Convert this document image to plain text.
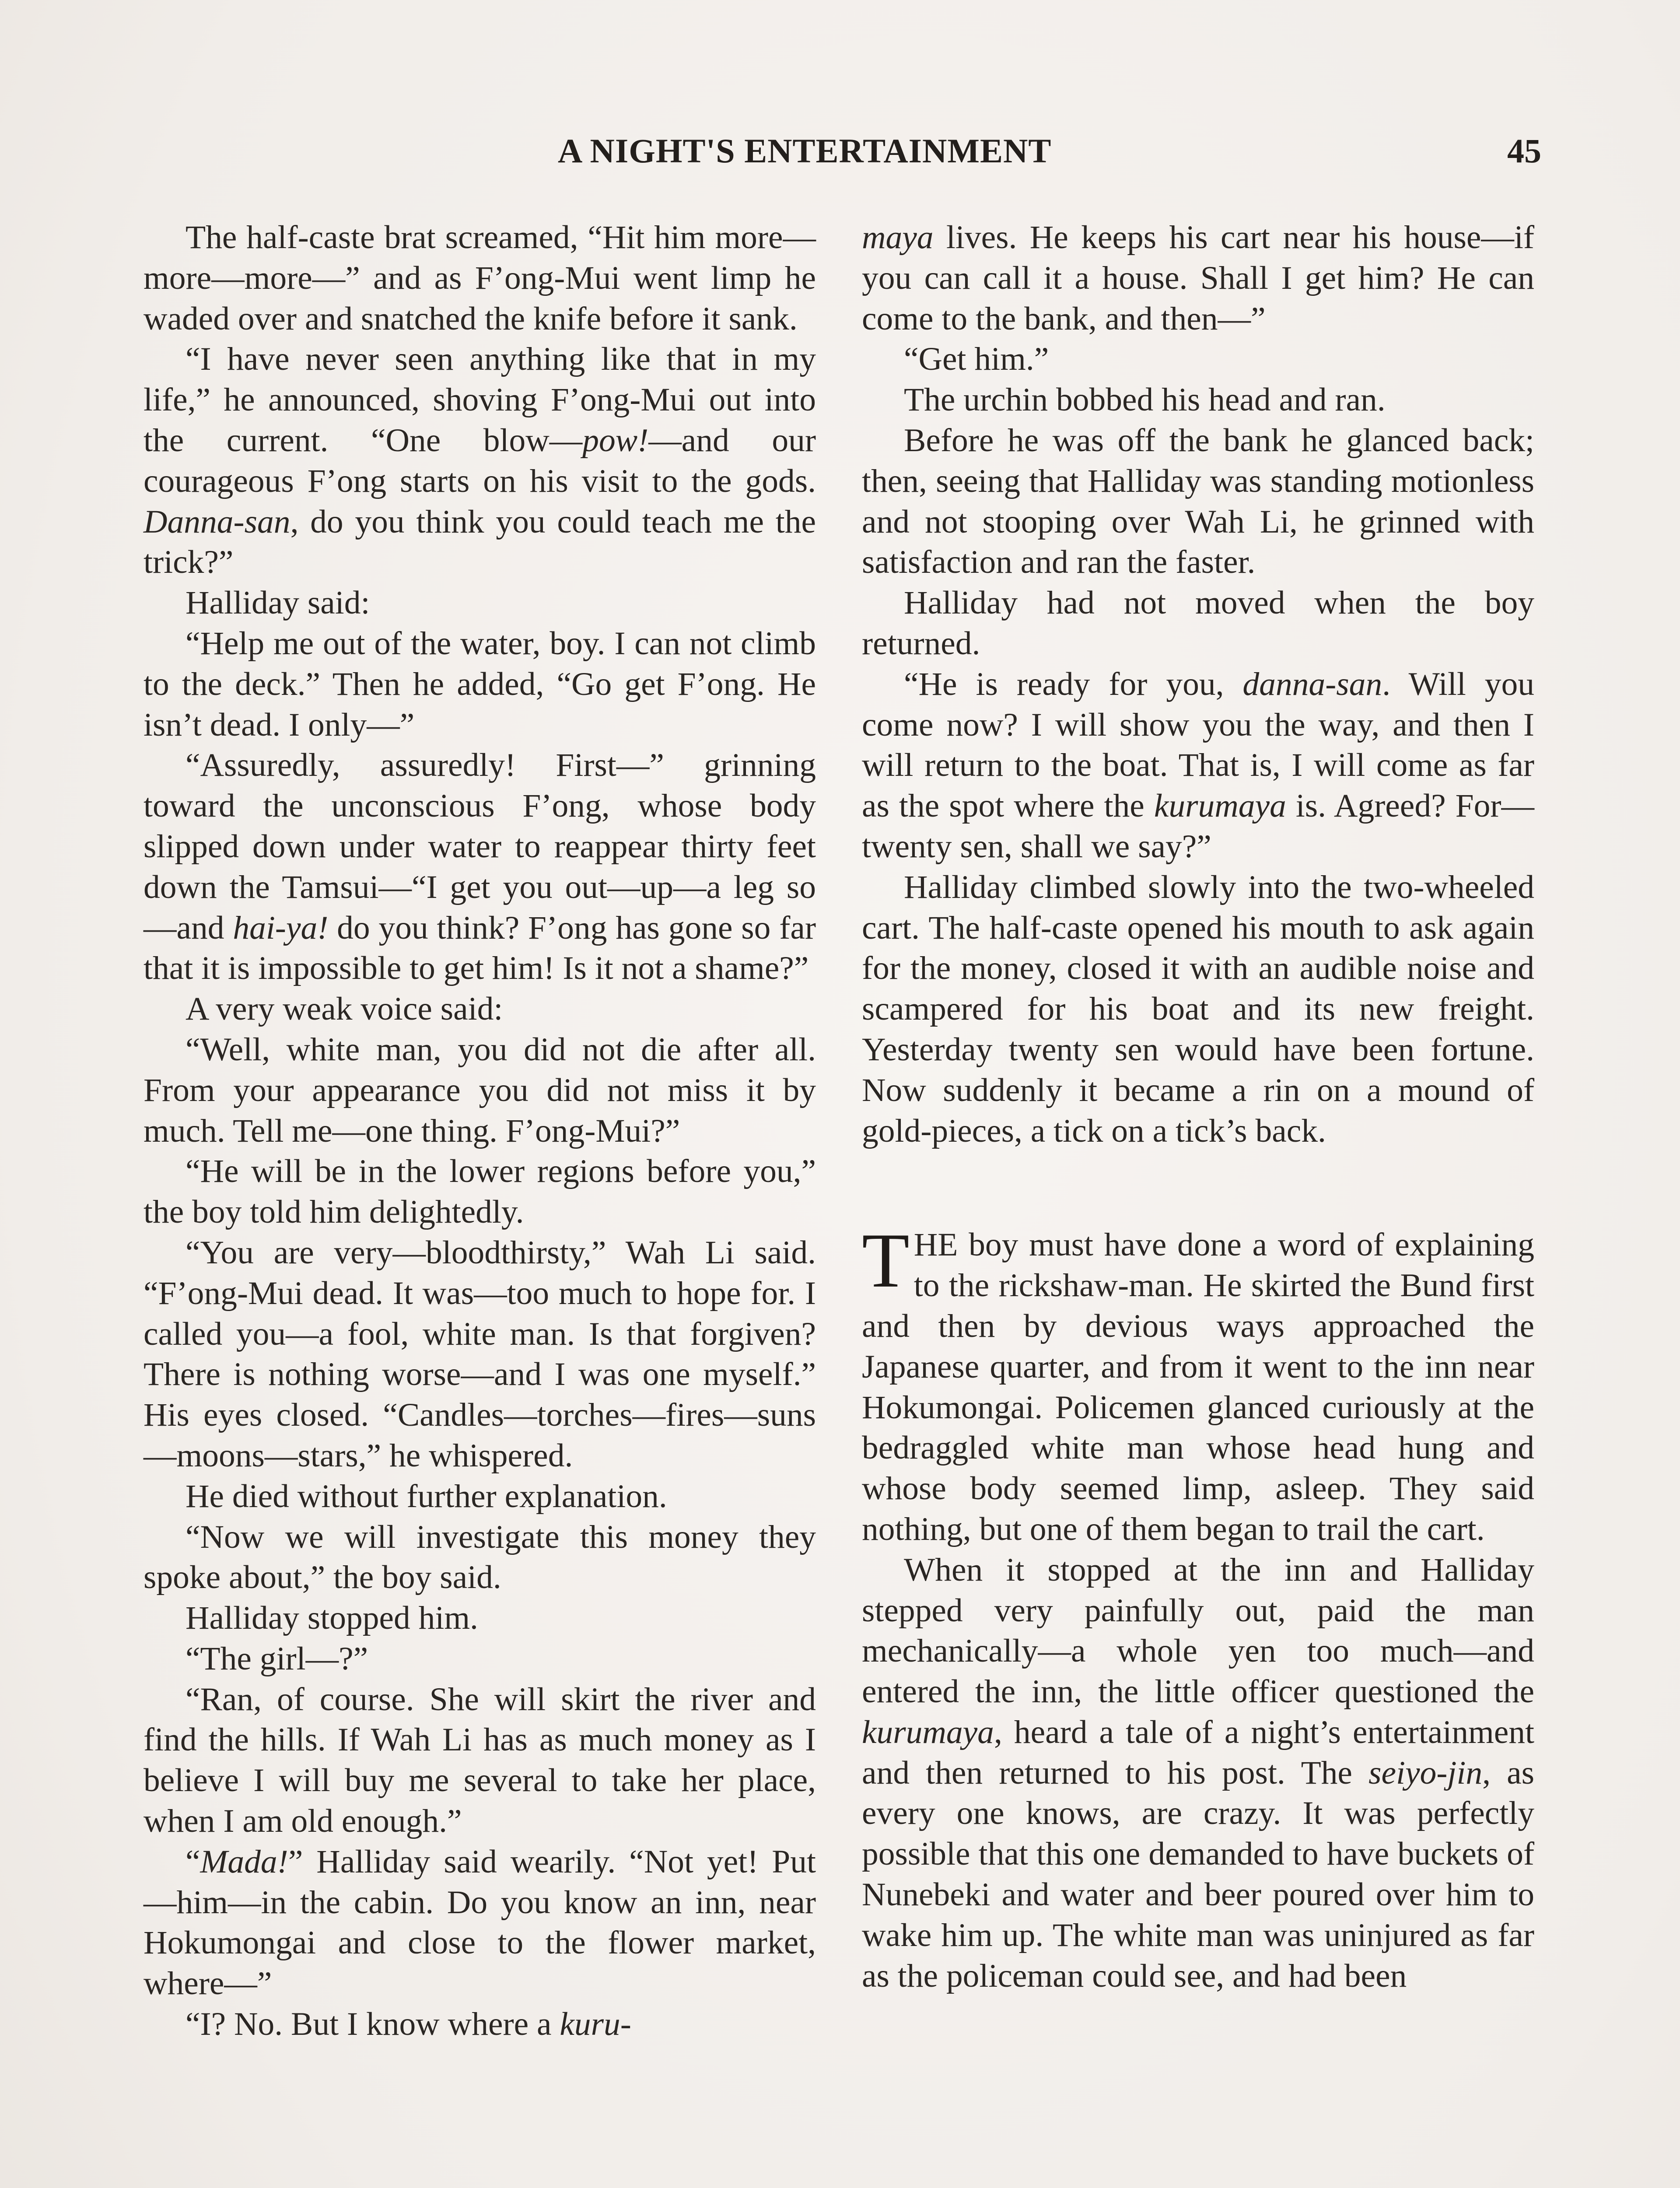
A NIGHT'S ENTERTAINMENT	45

The half-caste brat screamed, “Hit him more—more—more—” and as F’ong-Mui went limp he waded over and snatched the knife before it sank.

“I have never seen anything like that in my life,” he announced, shoving F’ong-Mui out into the current. “One blow—pow!—and our courageous F’ong starts on his visit to the gods. Danna-san, do you think you could teach me the trick?”

Halliday said:

“Help me out of the water, boy. I can not climb to the deck.” Then he added, “Go get F’ong. He isn’t dead. I only—”

“Assuredly, assuredly! First—” grinning toward the unconscious F’ong, whose body slipped down under water to reappear thirty feet down the Tamsui—“I get you out—up—a leg so—and hai-ya! do you think? F’ong has gone so far that it is impossible to get him! Is it not a shame?”

A very weak voice said:

“Well, white man, you did not die after all. From your appearance you did not miss it by much. Tell me—one thing. F’ong-Mui?”

“He will be in the lower regions before you,” the boy told him delightedly.

“You are very—bloodthirsty,” Wah Li said. “F’ong-Mui dead. It was—too much to hope for. I called you—a fool, white man. Is that forgiven? There is nothing worse—and I was one myself.” His eyes closed. “Candles—torches—fires—suns—moons—stars,” he whispered.

He died without further explanation.

“Now we will investigate this money they spoke about,” the boy said.

Halliday stopped him.

“The girl—?”

“Ran, of course. She will skirt the river and find the hills. If Wah Li has as much money as I believe I will buy me several to take her place, when I am old enough.”

“Mada!” Halliday said wearily. “Not yet! Put—him—in the cabin. Do you know an inn, near Hokumongai and close to the flower market, where—”

“I? No. But I know where a kuru-

maya lives. He keeps his cart near his house—if you can call it a house. Shall I get him? He can come to the bank, and then—”

“Get him.”

The urchin bobbed his head and ran.

Before he was off the bank he glanced back; then, seeing that Halliday was standing motionless and not stooping over Wah Li, he grinned with satisfaction and ran the faster.

Halliday had not moved when the boy returned.

“He is ready for you, danna-san. Will you come now? I will show you the way, and then I will return to the boat. That is, I will come as far as the spot where the kurumaya is. Agreed? For—twenty sen, shall we say?”

Halliday climbed slowly into the two-wheeled cart. The half-caste opened his mouth to ask again for the money, closed it with an audible noise and scampered for his boat and its new freight. Yesterday twenty sen would have been fortune. Now suddenly it became a rin on a mound of gold-pieces, a tick on a tick’s back.

THE boy must have done a word of explaining to the rickshaw-man. He skirted the Bund first and then by devious ways approached the Japanese quarter, and from it went to the inn near Hokumongai. Policemen glanced curiously at the bedraggled white man whose head hung and whose body seemed limp, asleep. They said nothing, but one of them began to trail the cart.

When it stopped at the inn and Halliday stepped very painfully out, paid the man mechanically—a whole yen too much—and entered the inn, the little officer questioned the kurumaya, heard a tale of a night’s entertainment and then returned to his post. The seiyo-jin, as every one knows, are crazy. It was perfectly possible that this one demanded to have buckets of Nunebeki and water and beer poured over him to wake him up. The white man was uninjured as far as the policeman could see, and had been
